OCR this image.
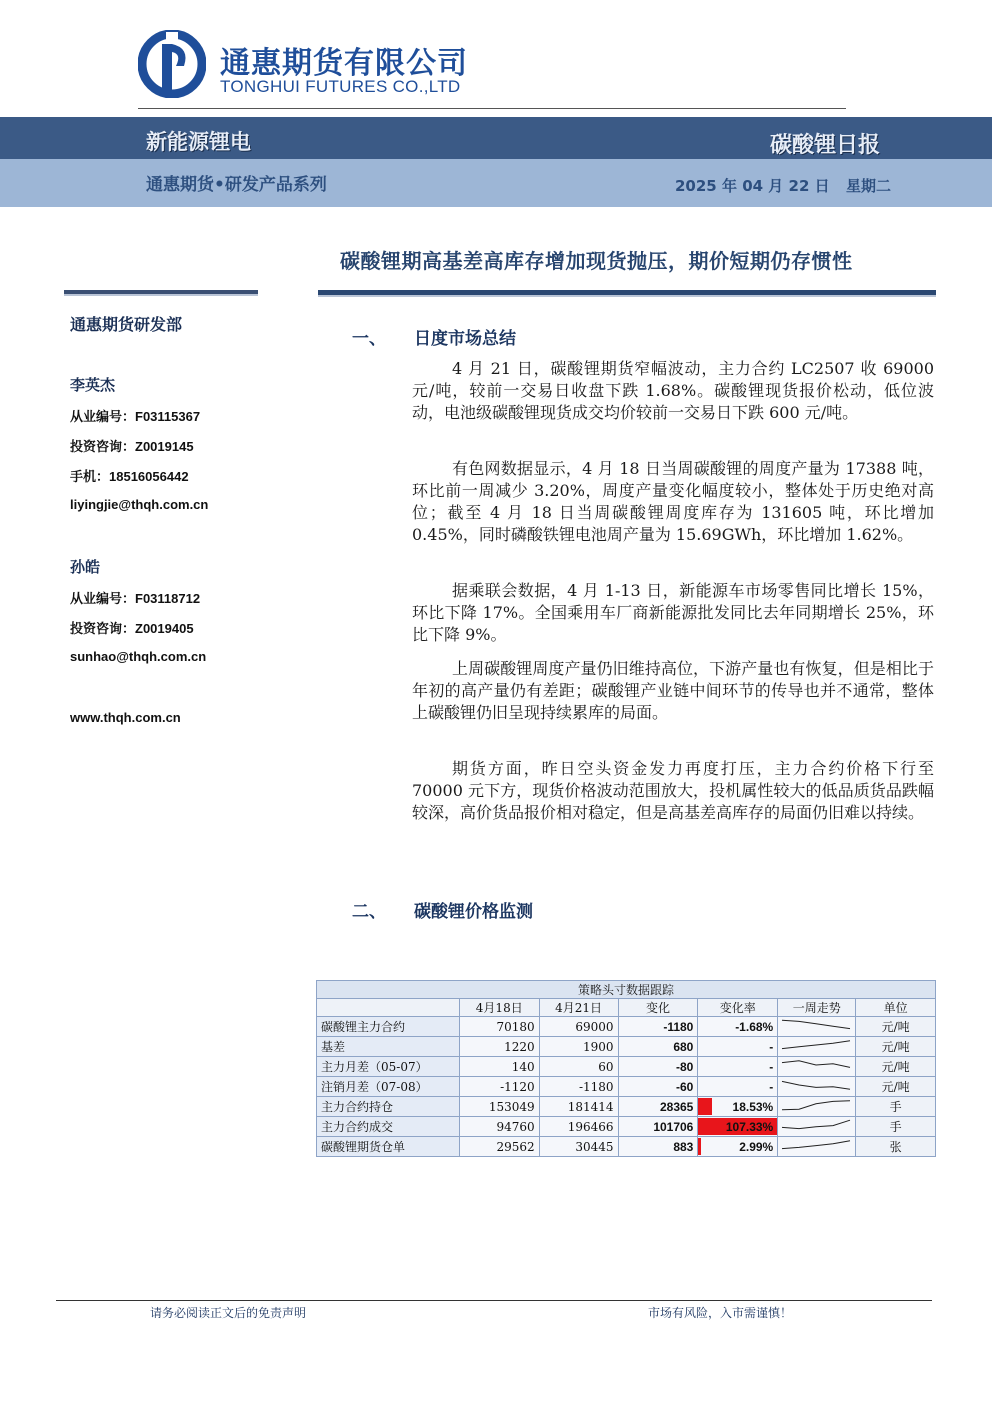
通惠期货有限公司
TONGHUI FUTURES CO.,LTD
新能源锂电	碳酸锂日报
通惠期货•研发产品系列	2025 年 04 月 22 日 星期二
碳酸锂期高基差高库存增加现货抛压，期价短期仍存惯性
通惠期货研发部
李英杰
从业编号：F03115367
投资咨询：Z0019145
手机：18516056442
liyingjie@thqh.com.cn
孙皓
从业编号：F03118712
投资咨询：Z0019405
sunhao@thqh.com.cn
www.thqh.com.cn
一、 日度市场总结

4 月 21 日，碳酸锂期货窄幅波动，主力合约 LC2507 收 69000 元/吨，较前一交易日收盘下跌 1.68%。碳酸锂现货报价松动，低位波动，电池级碳酸锂现货成交均价较前一交易日下跌 600 元/吨。

有色网数据显示，4 月 18 日当周碳酸锂的周度产量为 17388 吨，环比前一周减少 3.20%，周度产量变化幅度较小，整体处于历史绝对高位；截至 4 月 18 日当周碳酸锂周度库存为 131605 吨，环比增加 0.45%，同时磷酸铁锂电池周产量为 15.69GWh，环比增加 1.62%。

据乘联会数据，4 月 1-13 日，新能源车市场零售同比增长 15%，环比下降 17%。全国乘用车厂商新能源批发同比去年同期增长 25%，环比下降 9%。

上周碳酸锂周度产量仍旧维持高位，下游产量也有恢复，但是相比于年初的高产量仍有差距；碳酸锂产业链中间环节的传导也并不通常，整体上碳酸锂仍旧呈现持续累库的局面。

期货方面，昨日空头资金发力再度打压，主力合约价格下行至 70000 元下方，现货价格波动范围放大，投机属性较大的低品质货品跌幅较深，高价货品报价相对稳定，但是高基差高库存的局面仍旧难以持续。

二、 碳酸锂价格监测
策略头寸数据跟踪						
	4月18日	4月21日	变化	变化率	一周走势	单位
碳酸锂主力合约	70180	69000	-1180	-1.68%		元/吨
基差	1220	1900	680	-		元/吨
主力月差（05-07）	140	60	-80	-		元/吨
注销月差（07-08）	-1120	-1180	-60	-		元/吨
主力合约持仓	153049	181414	28365	18.53%		手
主力合约成交	94760	196466	101706	107.33%		手
碳酸锂期货仓单	29562	30445	883	2.99%		张
请务必阅读正文后的免责声明	市场有风险，入市需谨慎！
